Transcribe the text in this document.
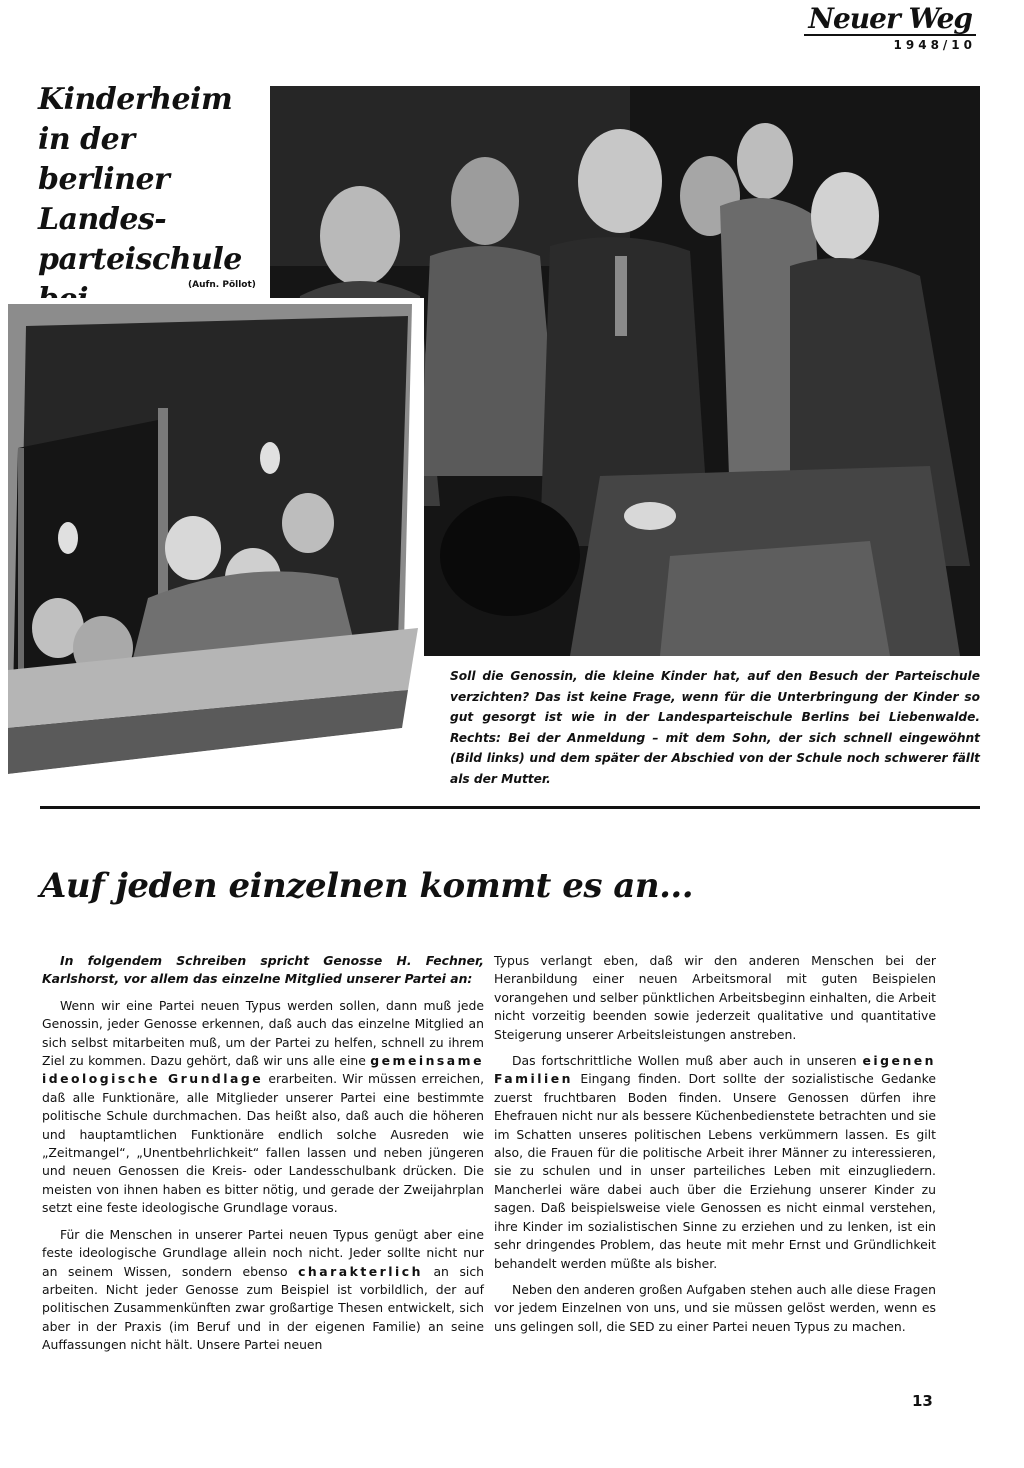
Neuer Weg
1948/10
Kinderheim
in der berliner
Landes-
parteischule
(Aufn. Pöllot)
Soll die Genossin, die kleine Kinder hat, auf den Besuch der Parteischule verzichten? Das ist keine Frage, wenn für die Unterbringung der Kinder so gut gesorgt ist wie in der Landesparteischule Berlins bei Liebenwalde. Rechts: Bei der Anmeldung – mit dem Sohn, der sich schnell eingewöhnt (Bild links) und dem später der Abschied von der Schule noch schwerer fällt als der Mutter.
Auf jeden einzelnen kommt es an...

In folgendem Schreiben spricht Genosse H. Fechner, Karlshorst, vor allem das einzelne Mitglied unserer Partei an:

Wenn wir eine Partei neuen Typus werden sollen, dann muß jede Genossin, jeder Genosse erkennen, daß auch das einzelne Mitglied an sich selbst mitarbeiten muß, um der Partei zu helfen, schnell zu ihrem Ziel zu kommen. Dazu gehört, daß wir uns alle eine gemeinsame ideologische Grundlage erarbeiten. Wir müssen erreichen, daß alle Funktionäre, alle Mitglieder unserer Partei eine bestimmte politische Schule durchmachen. Das heißt also, daß auch die höheren und hauptamtlichen Funktionäre endlich solche Ausreden wie „Zeitmangel“, „Unentbehrlichkeit“ fallen lassen und neben jüngeren und neuen Genossen die Kreis- oder Landesschulbank drücken. Die meisten von ihnen haben es bitter nötig, und gerade der Zweijahrplan setzt eine feste ideologische Grundlage voraus.

Für die Menschen in unserer Partei neuen Typus genügt aber eine feste ideologische Grundlage allein noch nicht. Jeder sollte nicht nur an seinem Wissen, sondern ebenso charakterlich an sich arbeiten. Nicht jeder Genosse zum Beispiel ist vorbildlich, der auf politischen Zusammenkünften zwar großartige Thesen entwickelt, sich aber in der Praxis (im Beruf und in der eigenen Familie) an seine Auffassungen nicht hält. Unsere Partei neuen

Typus verlangt eben, daß wir den anderen Menschen bei der Heranbildung einer neuen Arbeitsmoral mit guten Beispielen vorangehen und selber pünktlichen Arbeitsbeginn einhalten, die Arbeit nicht vorzeitig beenden sowie jederzeit qualitative und quantitative Steigerung unserer Arbeitsleistungen anstreben.

Das fortschrittliche Wollen muß aber auch in unseren eigenen Familien Eingang finden. Dort sollte der sozialistische Gedanke zuerst fruchtbaren Boden finden. Unsere Genossen dürfen ihre Ehefrauen nicht nur als bessere Küchenbedienstete betrachten und sie im Schatten unseres politischen Lebens verkümmern lassen. Es gilt also, die Frauen für die politische Arbeit ihrer Männer zu interessieren, sie zu schulen und in unser parteiliches Leben mit einzugliedern. Mancherlei wäre dabei auch über die Erziehung unserer Kinder zu sagen. Daß beispielsweise viele Genossen es nicht einmal verstehen, ihre Kinder im sozialistischen Sinne zu erziehen und zu lenken, ist ein sehr dringendes Problem, das heute mit mehr Ernst und Gründlichkeit behandelt werden müßte als bisher.

Neben den anderen großen Aufgaben stehen auch alle diese Fragen vor jedem Einzelnen von uns, und sie müssen gelöst werden, wenn es uns gelingen soll, die SED zu einer Partei neuen Typus zu machen.

13
